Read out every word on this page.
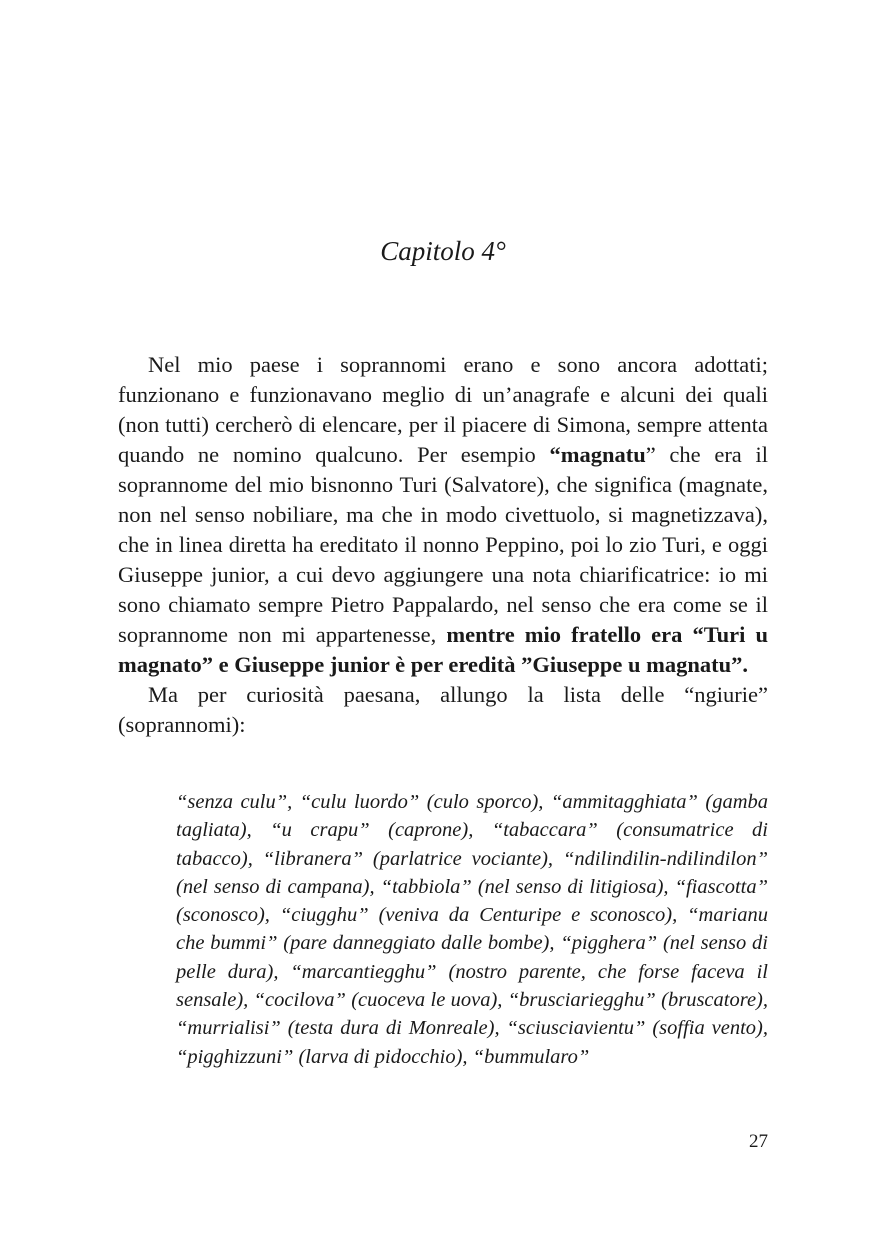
Capitolo 4°

Nel mio paese i soprannomi erano e sono ancora adottati; funzionano e funzionavano meglio di un’anagrafe e alcuni dei quali (non tutti) cercherò di elencare, per il piacere di Simona, sempre attenta quando ne nomino qualcuno. Per esempio “magnatu” che era il soprannome del mio bisnonno Turi (Salvatore), che significa (magnate, non nel senso nobiliare, ma che in modo civettuolo, si magnetizzava), che in linea diretta ha ereditato il nonno Peppino, poi lo zio Turi, e oggi Giuseppe junior, a cui devo aggiungere una nota chiarificatrice: io mi sono chiamato sempre Pietro Pappalardo, nel senso che era come se il soprannome non mi appartenesse, mentre mio fratello era “Turi u magnato” e Giuseppe junior è per eredità ”Giuseppe u magnatu”.

Ma per curiosità paesana, allungo la lista delle “ngiurie” (soprannomi):

“senza culu”, “culu luordo” (culo sporco), “ammitagghiata” (gamba tagliata), “u crapu” (caprone), “tabaccara” (consumatrice di tabacco), “libranera” (parlatrice vociante), “ndilindilin-ndilindilon” (nel senso di campana), “tabbiola” (nel senso di litigiosa), “fiascotta” (sconosco), “ciugghu” (veniva da Centuripe e sconosco), “marianu che bummi” (pare danneggiato dalle bombe), “pigghera” (nel senso di pelle dura), “marcantiegghu” (nostro parente, che forse faceva il sensale), “cocilova” (cuoceva le uova), “brusciariegghu” (bruscatore), “murrialisi” (testa dura di Monreale), “sciusciavientu” (soffia vento), “pigghizzuni” (larva di pidocchio), “bummularo”

27
